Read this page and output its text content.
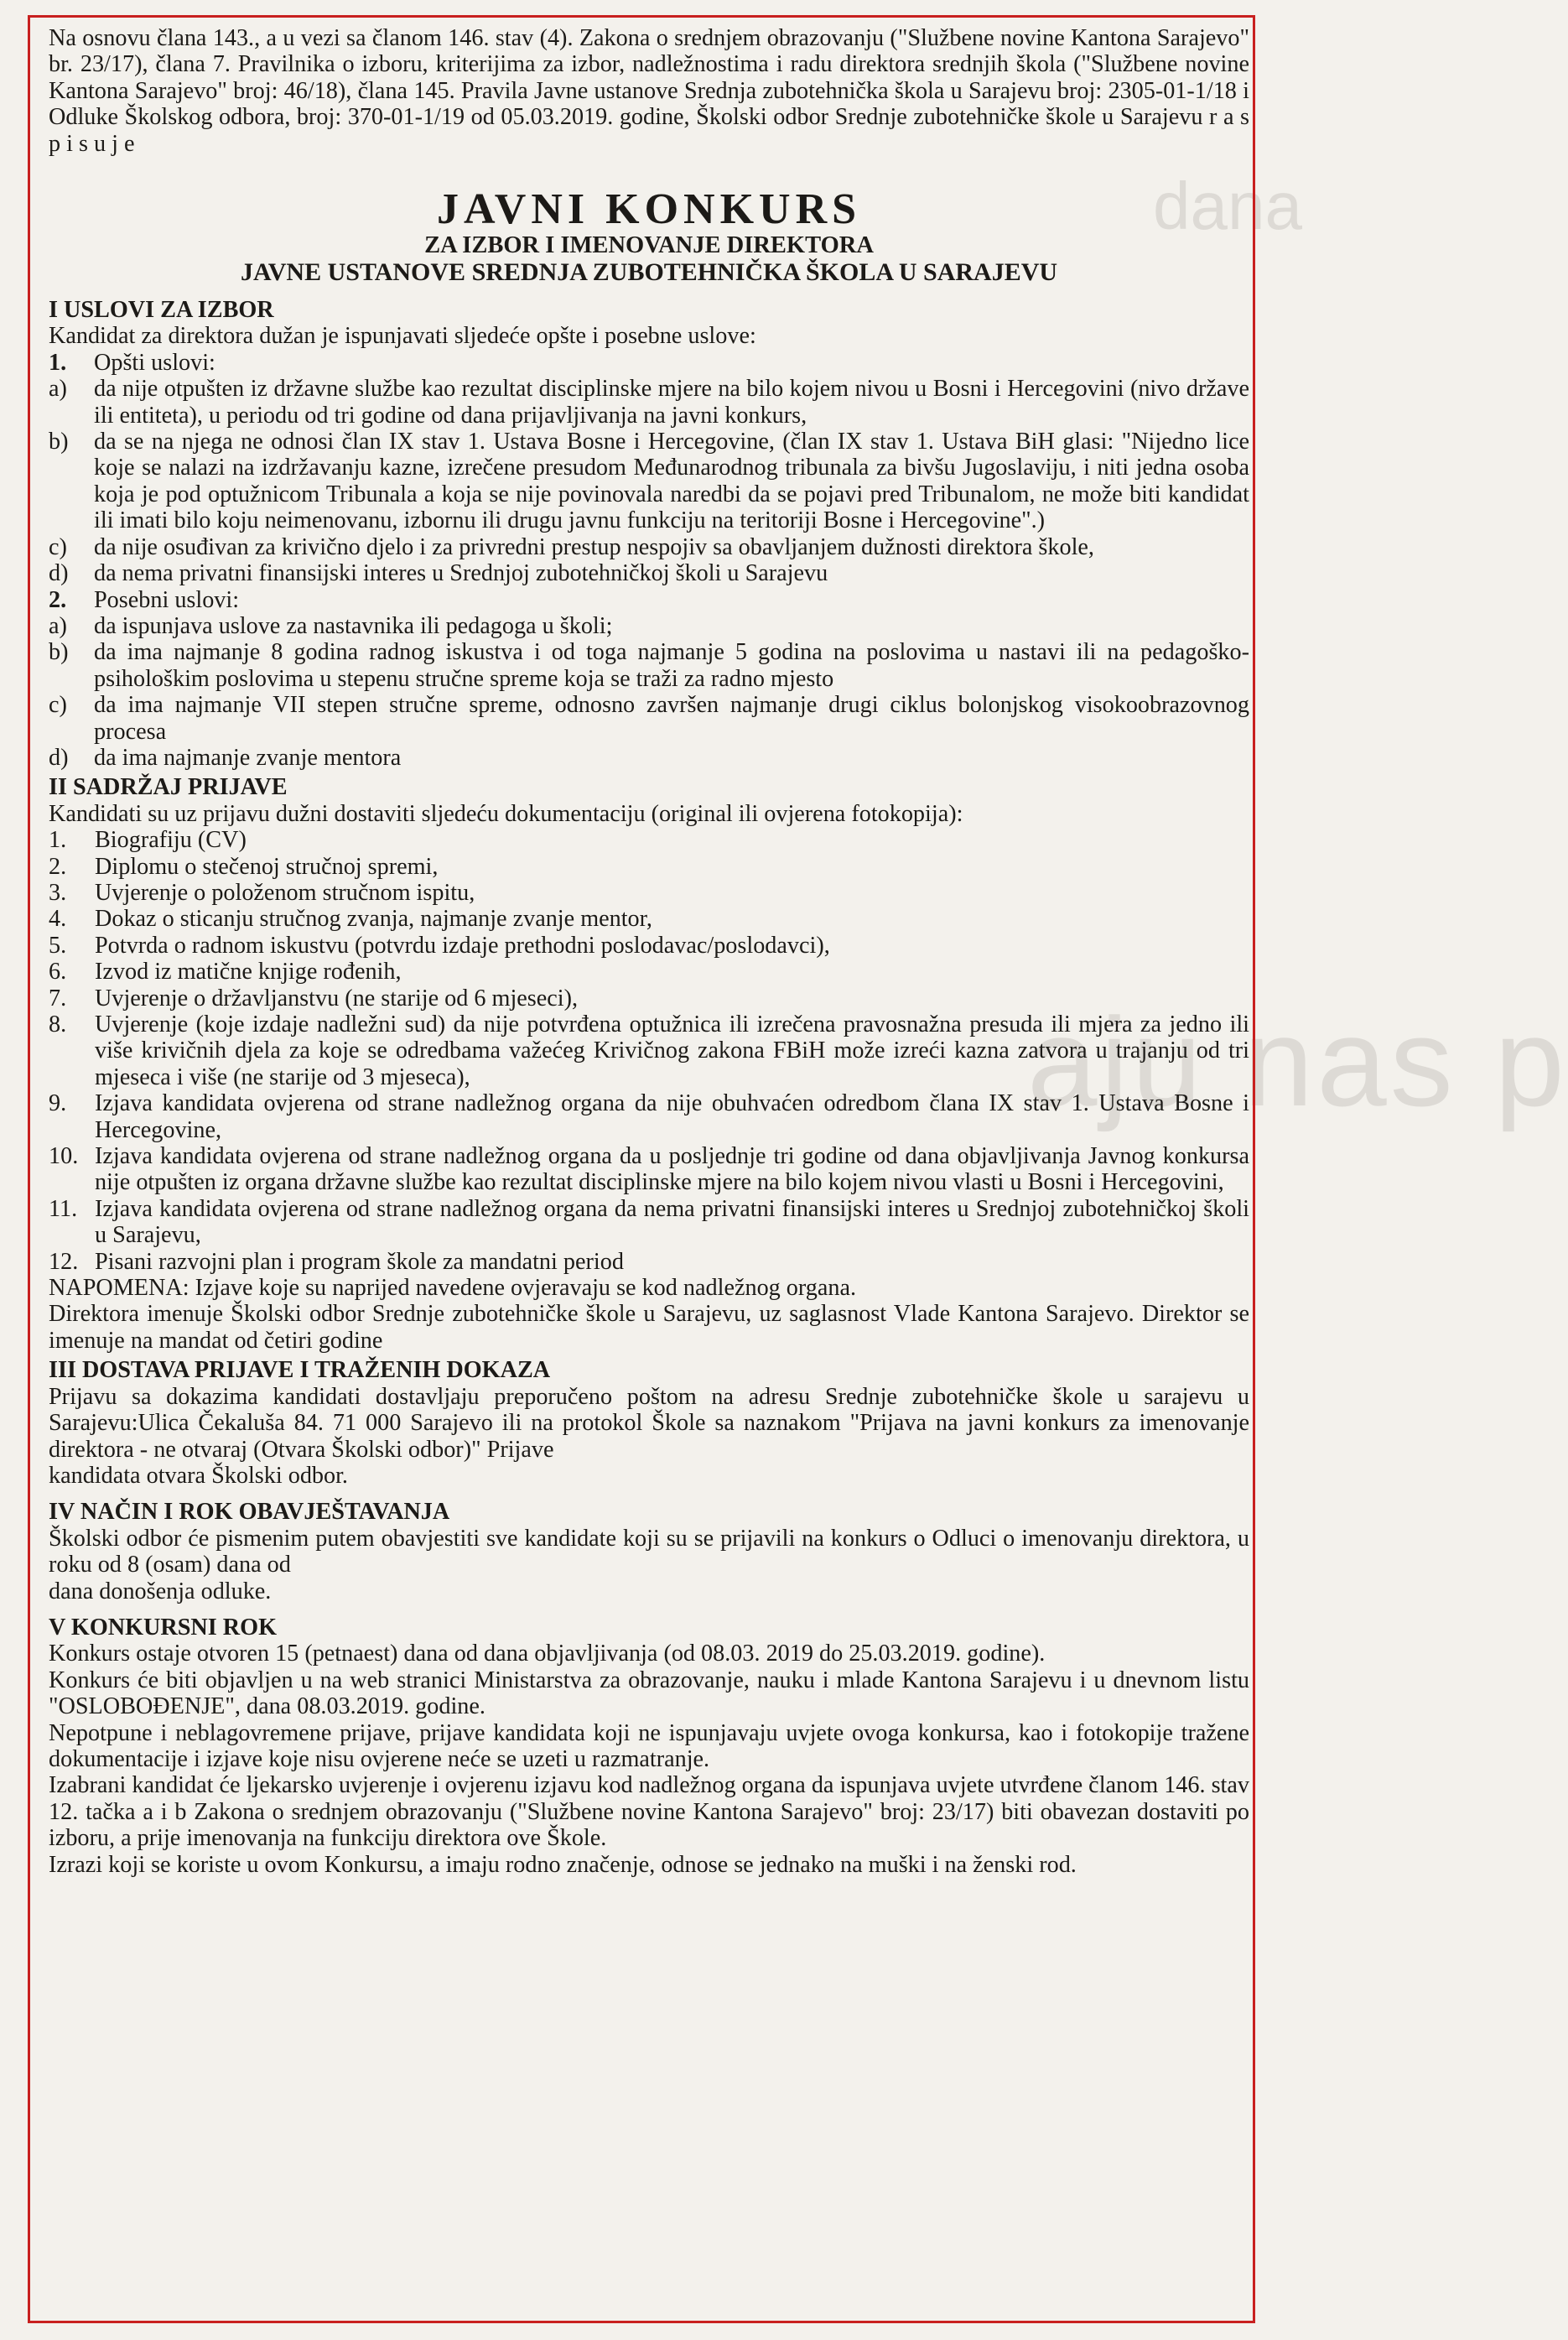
dana
aju nas p

Na osnovu člana 143., a u vezi sa članom 146. stav (4). Zakona o srednjem obrazovanju ("Službene novine Kantona Sarajevo" br. 23/17), člana 7. Pravilnika o izboru, kriterijima za izbor, nadležnostima i radu direktora srednjih škola ("Službene novine Kantona Sarajevo" broj: 46/18), člana 145. Pravila Javne ustanove Srednja zubotehnička škola u Sarajevu broj: 2305-01-1/18 i Odluke Školskog odbora, broj: 370-01-1/19 od 05.03.2019. godine, Školski odbor Srednje zubotehničke škole u Sarajevu r a s p i s u j e

JAVNI KONKURS
ZA IZBOR I IMENOVANJE DIREKTORA
JAVNE USTANOVE SREDNJA ZUBOTEHNIČKA ŠKOLA U SARAJEVU
I USLOVI ZA IZBOR

Kandidat za direktora dužan je ispunjavati sljedeće opšte i posebne uslove:

1.	Opšti uslovi:
a)	da nije otpušten iz državne službe kao rezultat disciplinske mjere na bilo kojem nivou u Bosni i Hercegovini (nivo države ili entiteta), u periodu od tri godine od dana prijavljivanja na javni konkurs,
b)	da se na njega ne odnosi član IX stav 1. Ustava Bosne i Hercegovine, (član IX stav 1. Ustava BiH glasi: "Nijedno lice koje se nalazi na izdržavanju kazne, izrečene presudom Međunarodnog tribunala za bivšu Jugoslaviju, i niti jedna osoba koja je pod optužnicom Tribunala a koja se nije povinovala naredbi da se pojavi pred Tribunalom, ne može biti kandidat ili imati bilo koju neimenovanu, izbornu ili drugu javnu funkciju na teritoriji Bosne i Hercegovine".)
c)	da nije osuđivan za krivično djelo i za privredni prestup nespojiv sa obavljanjem dužnosti direktora škole,
d)	da nema privatni finansijski interes u Srednjoj zubotehničkoj školi u Sarajevu
2.	Posebni uslovi:
a)	da ispunjava uslove za nastavnika ili pedagoga u školi;
b)	da ima najmanje 8 godina radnog iskustva i od toga najmanje 5 godina na poslovima u nastavi ili na pedagoško-psihološkim poslovima u stepenu stručne spreme koja se traži za radno mjesto
c)	da ima najmanje VII stepen stručne spreme, odnosno završen najmanje drugi ciklus bolonjskog visokoobrazovnog procesa
d)	da ima najmanje zvanje mentora
II SADRŽAJ PRIJAVE

Kandidati su uz prijavu dužni dostaviti sljedeću dokumentaciju (original ili ovjerena fotokopija):

1.	Biografiju (CV)
2.	Diplomu o stečenoj stručnoj spremi,
3.	Uvjerenje o položenom stručnom ispitu,
4.	Dokaz o sticanju stručnog zvanja, najmanje zvanje mentor,
5.	Potvrda o radnom iskustvu (potvrdu izdaje prethodni poslodavac/poslodavci),
6.	Izvod iz matične knjige rođenih,
7.	Uvjerenje o državljanstvu (ne starije od 6 mjeseci),
8.	Uvjerenje (koje izdaje nadležni sud) da nije potvrđena optužnica ili izrečena pravosnažna presuda ili mjera za jedno ili više krivičnih djela za koje se odredbama važećeg Krivičnog zakona FBiH može izreći kazna zatvora u trajanju od tri mjeseca i više (ne starije od 3 mjeseca),
9.	Izjava kandidata ovjerena od strane nadležnog organa da nije obuhvaćen odredbom člana IX stav 1. Ustava Bosne i Hercegovine,
10. Izjava kandidata ovjerena od strane nadležnog organa da u posljednje tri godine od dana objavljivanja Javnog konkursa nije otpušten iz organa državne službe kao rezultat disciplinske mjere na bilo kojem nivou vlasti u Bosni i Hercegovini,
11. Izjava kandidata ovjerena od strane nadležnog organa da nema privatni finansijski interes u Srednjoj zubotehničkoj školi u Sarajevu,
12. Pisani razvojni plan i program škole za mandatni period

NAPOMENA: Izjave koje su naprijed navedene ovjeravaju se kod nadležnog organa.

Direktora imenuje Školski odbor Srednje zubotehničke škole u Sarajevu, uz saglasnost Vlade Kantona Sarajevo. Direktor se imenuje na mandat od četiri godine

III DOSTAVA PRIJAVE I TRAŽENIH DOKAZA

Prijavu sa dokazima kandidati dostavljaju preporučeno poštom na adresu Srednje zubotehničke škole u sarajevu u Sarajevu:Ulica Čekaluša 84. 71 000 Sarajevo ili na protokol Škole sa naznakom "Prijava na javni konkurs za imenovanje direktora - ne otvaraj (Otvara Školski odbor)" Prijave

kandidata otvara Školski odbor.

IV NAČIN I ROK OBAVJEŠTAVANJA

Školski odbor će pismenim putem obavjestiti sve kandidate koji su se prijavili na konkurs o Odluci o imenovanju direktora, u roku od 8 (osam) dana od

dana donošenja odluke.

V KONKURSNI ROK

Konkurs ostaje otvoren 15 (petnaest) dana od dana objavljivanja (od 08.03. 2019 do 25.03.2019. godine).

Konkurs će biti objavljen u na web stranici Ministarstva za obrazovanje, nauku i mlade Kantona Sarajevu i u dnevnom listu "OSLOBOĐENJE", dana 08.03.2019. godine.

Nepotpune i neblagovremene prijave, prijave kandidata koji ne ispunjavaju uvjete ovoga konkursa, kao i fotokopije tražene dokumentacije i izjave koje nisu ovjerene neće se uzeti u razmatranje.

Izabrani kandidat će ljekarsko uvjerenje i ovjerenu izjavu kod nadležnog organa da ispunjava uvjete utvrđene članom 146. stav 12. tačka a i b Zakona o srednjem obrazovanju ("Službene novine Kantona Sarajevo" broj: 23/17) biti obavezan dostaviti po izboru, a prije imenovanja na funkciju direktora ove Škole.

Izrazi koji se koriste u ovom Konkursu, a imaju rodno značenje, odnose se jednako na muški i na ženski rod.
